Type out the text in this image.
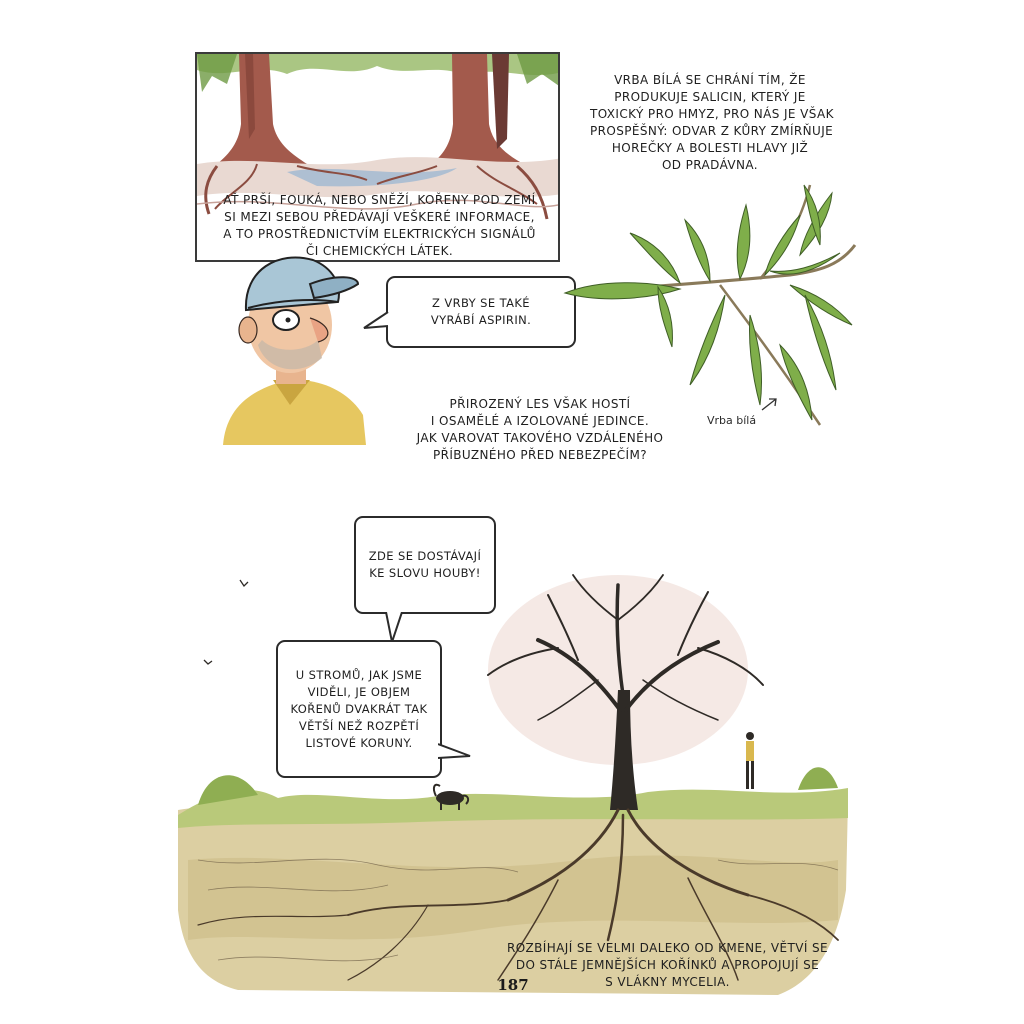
AŤ PRŠÍ, FOUKÁ, NEBO SNĚŽÍ, KOŘENY POD ZEMÍ
SI MEZI SEBOU PŘEDÁVAJÍ VEŠKERÉ INFORMACE,
A TO PROSTŘEDNICTVÍM ELEKTRICKÝCH SIGNÁLŮ
ČI CHEMICKÝCH LÁTEK.
VRBA BÍLÁ SE CHRÁNÍ TÍM, ŽE
PRODUKUJE SALICIN, KTERÝ JE
TOXICKÝ PRO HMYZ, PRO NÁS JE VŠAK
PROSPĚŠNÝ: ODVAR Z KŮRY ZMÍRŇUJE
HOREČKY A BOLESTI HLAVY JIŽ
OD PRADÁVNA.
Z VRBY SE TAKÉ
VYRÁBÍ ASPIRIN.
Vrba bílá
PŘIROZENÝ LES VŠAK HOSTÍ
I OSAMĚLÉ A IZOLOVANÉ JEDINCE.
JAK VAROVAT TAKOVÉHO VZDÁLENÉHO
PŘÍBUZNÉHO PŘED NEBEZPEČÍM?
ZDE SE DOSTÁVAJÍ
KE SLOVU HOUBY!
U STROMŮ, JAK JSME
VIDĚLI, JE OBJEM
KOŘENŮ DVAKRÁT TAK
VĚTŠÍ NEŽ ROZPĚTÍ
LISTOVÉ KORUNY.
ROZBÍHAJÍ SE VELMI DALEKO OD KMENE, VĚTVÍ SE
DO STÁLE JEMNĚJŠÍCH KOŘÍNKŮ A PROPOJUJÍ SE
S VLÁKNY MYCELIA.
187
